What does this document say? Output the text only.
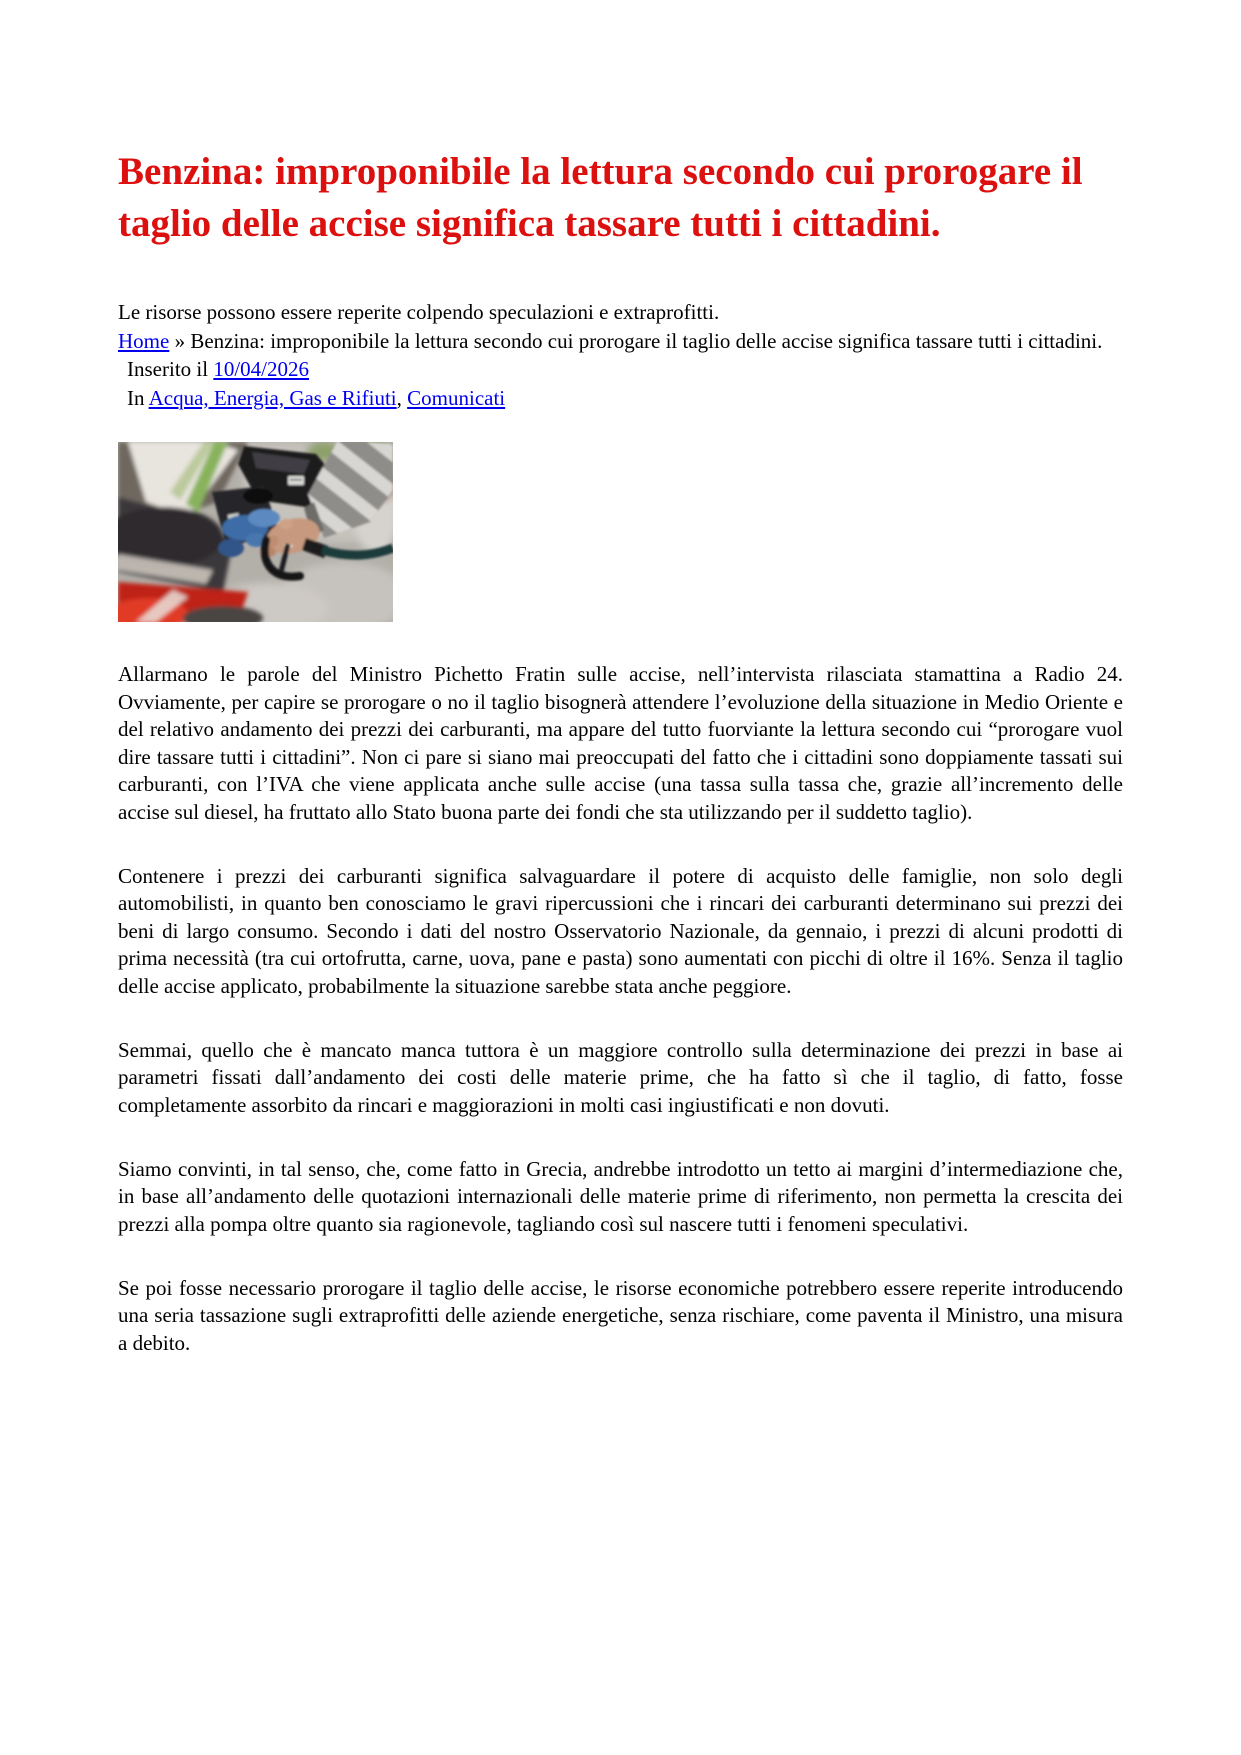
Benzina: improponibile la lettura secondo cui prorogare il taglio delle accise significa tassare tutti i cittadini.
Le risorse possono essere reperite colpendo speculazioni e extraprofitti.
Home » Benzina: improponibile la lettura secondo cui prorogare il taglio delle accise significa tassare tutti i cittadini.
Inserito il 10/04/2026
In Acqua, Energia, Gas e Rifiuti, Comunicati

Allarmano le parole del Ministro Pichetto Fratin sulle accise, nell’intervista rilasciata stamattina a Radio 24. Ovviamente, per capire se prorogare o no il taglio bisognerà attendere l’evoluzione della situazione in Medio Oriente e del relativo andamento dei prezzi dei carburanti, ma appare del tutto fuorviante la lettura secondo cui “prorogare vuol dire tassare tutti i cittadini”. Non ci pare si siano mai preoccupati del fatto che i cittadini sono doppiamente tassati sui carburanti, con l’IVA che viene applicata anche sulle accise (una tassa sulla tassa che, grazie all’incremento delle accise sul diesel, ha fruttato allo Stato buona parte dei fondi che sta utilizzando per il suddetto taglio).

Contenere i prezzi dei carburanti significa salvaguardare il potere di acquisto delle famiglie, non solo degli automobilisti, in quanto ben conosciamo le gravi ripercussioni che i rincari dei carburanti determinano sui prezzi dei beni di largo consumo. Secondo i dati del nostro Osservatorio Nazionale, da gennaio, i prezzi di alcuni prodotti di prima necessità (tra cui ortofrutta, carne, uova, pane e pasta) sono aumentati con picchi di oltre il 16%. Senza il taglio delle accise applicato, probabilmente la situazione sarebbe stata anche peggiore.

Semmai, quello che è mancato manca tuttora è un maggiore controllo sulla determinazione dei prezzi in base ai parametri fissati dall’andamento dei costi delle materie prime, che ha fatto sì che il taglio, di fatto, fosse completamente assorbito da rincari e maggiorazioni in molti casi ingiustificati e non dovuti.

Siamo convinti, in tal senso, che, come fatto in Grecia, andrebbe introdotto un tetto ai margini d’intermediazione che, in base all’andamento delle quotazioni internazionali delle materie prime di riferimento, non permetta la crescita dei prezzi alla pompa oltre quanto sia ragionevole, tagliando così sul nascere tutti i fenomeni speculativi.

Se poi fosse necessario prorogare il taglio delle accise, le risorse economiche potrebbero essere reperite introducendo una seria tassazione sugli extraprofitti delle aziende energetiche, senza rischiare, come paventa il Ministro, una misura a debito.
